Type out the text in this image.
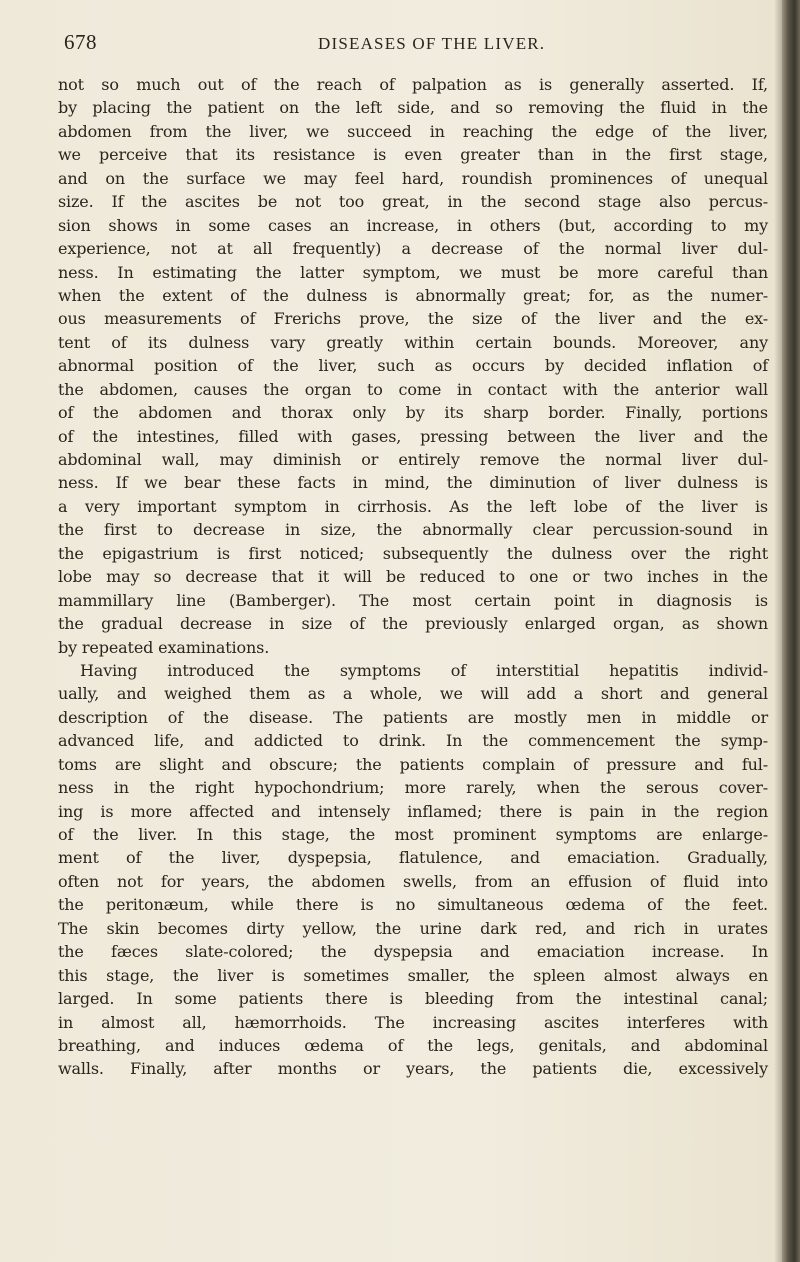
678	DISEASES OF THE LIVER.
not so much out of the reach of palpation as is generally asserted. If,
by placing the patient on the left side, and so removing the fluid in the
abdomen from the liver, we succeed in reaching the edge of the liver,
we perceive that its resistance is even greater than in the first stage,
and on the surface we may feel hard, roundish prominences of unequal
size. If the ascites be not too great, in the second stage also percus-
sion shows in some cases an increase, in others (but, according to my
experience, not at all frequently) a decrease of the normal liver dul-
ness. In estimating the latter symptom, we must be more careful than
when the extent of the dulness is abnormally great; for, as the numer-
ous measurements of Frerichs prove, the size of the liver and the ex-
tent of its dulness vary greatly within certain bounds. Moreover, any
abnormal position of the liver, such as occurs by decided inflation of
the abdomen, causes the organ to come in contact with the anterior wall
of the abdomen and thorax only by its sharp border. Finally, portions
of the intestines, filled with gases, pressing between the liver and the
abdominal wall, may diminish or entirely remove the normal liver dul-
ness. If we bear these facts in mind, the diminution of liver dulness is
a very important symptom in cirrhosis. As the left lobe of the liver is
the first to decrease in size, the abnormally clear percussion-sound in
the epigastrium is first noticed; subsequently the dulness over the right
lobe may so decrease that it will be reduced to one or two inches in the
mammillary line (Bamberger). The most certain point in diagnosis is
the gradual decrease in size of the previously enlarged organ, as shown
by repeated examinations.
Having introduced the symptoms of interstitial hepatitis individ-
ually, and weighed them as a whole, we will add a short and general
description of the disease. The patients are mostly men in middle or
advanced life, and addicted to drink. In the commencement the symp-
toms are slight and obscure; the patients complain of pressure and ful-
ness in the right hypochondrium; more rarely, when the serous cover-
ing is more affected and intensely inflamed; there is pain in the region
of the liver. In this stage, the most prominent symptoms are enlarge-
ment of the liver, dyspepsia, flatulence, and emaciation. Gradually,
often not for years, the abdomen swells, from an effusion of fluid into
the peritonæum, while there is no simultaneous œdema of the feet.
The skin becomes dirty yellow, the urine dark red, and rich in urates
the fæces slate-colored; the dyspepsia and emaciation increase. In
this stage, the liver is sometimes smaller, the spleen almost always en
larged. In some patients there is bleeding from the intestinal canal;
in almost all, hæmorrhoids. The increasing ascites interferes with
breathing, and induces œdema of the legs, genitals, and abdominal
walls. Finally, after months or years, the patients die, excessively
